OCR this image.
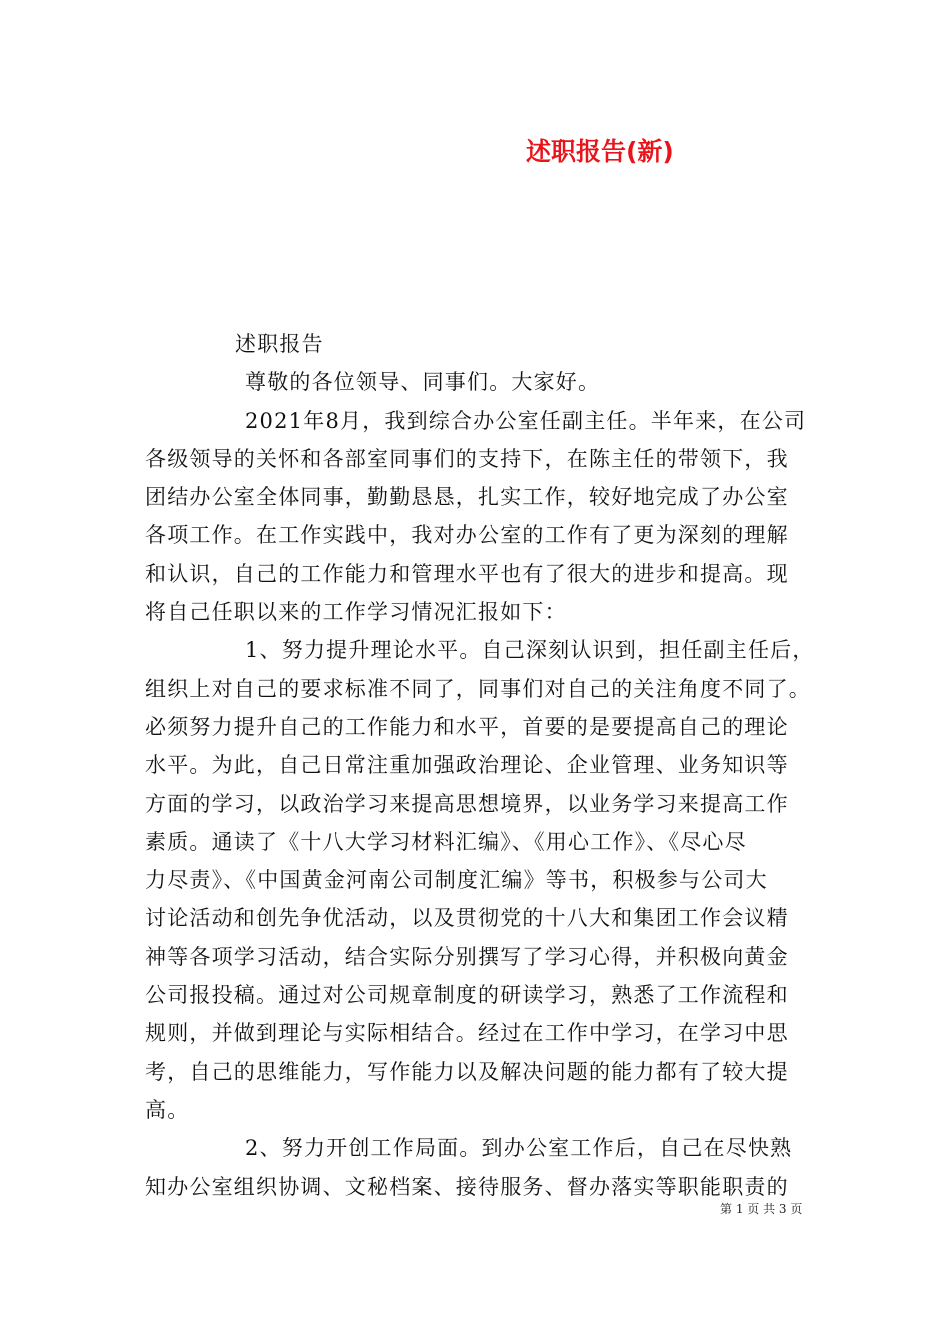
述职报告(新)
述职报告
尊敬的各位领导、同事们。大家好。
2021年8月，我到综合办公室任副主任。半年来，在公司
各级领导的关怀和各部室同事们的支持下，在陈主任的带领下，我
团结办公室全体同事，勤勤恳恳，扎实工作，较好地完成了办公室
各项工作。在工作实践中，我对办公室的工作有了更为深刻的理解
和认识，自己的工作能力和管理水平也有了很大的进步和提高。现
将自己任职以来的工作学习情况汇报如下：
1、努力提升理论水平。自己深刻认识到，担任副主任后，
组织上对自己的要求标准不同了，同事们对自己的关注角度不同了。
必须努力提升自己的工作能力和水平，首要的是要提高自己的理论
水平。为此，自己日常注重加强政治理论、企业管理、业务知识等
方面的学习，以政治学习来提高思想境界，以业务学习来提高工作
素质。通读了《十八大学习材料汇编》、《用心工作》、《尽心尽
力尽责》、《中国黄金河南公司制度汇编》等书，积极参与公司大
讨论活动和创先争优活动，以及贯彻党的十八大和集团工作会议精
神等各项学习活动，结合实际分别撰写了学习心得，并积极向黄金
公司报投稿。通过对公司规章制度的研读学习，熟悉了工作流程和
规则，并做到理论与实际相结合。经过在工作中学习，在学习中思
考，自己的思维能力，写作能力以及解决问题的能力都有了较大提
高。
2、努力开创工作局面。到办公室工作后，自己在尽快熟
知办公室组织协调、文秘档案、接待服务、督办落实等职能职责的
第 1 页 共 3 页
